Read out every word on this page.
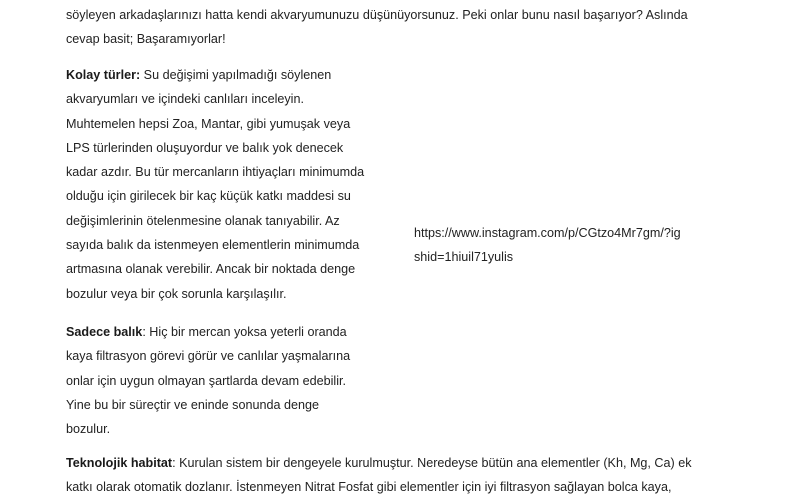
söyleyen arkadaşlarınızı hatta kendi akvaryumunuzu düşünüyorsunuz. Peki onlar bunu nasıl başarıyor? Aslında cevap basit; Başaramıyorlar!

Kolay türler: Su değişimi yapılmadığı söylenen akvaryumları ve içindeki canlıları inceleyin. Muhtemelen hepsi Zoa, Mantar, gibi yumuşak veya LPS türlerinden oluşuyordur ve balık yok denecek kadar azdır. Bu tür mercanların ihtiyaçları minimumda olduğu için girilecek bir kaç küçük katkı maddesi su değişimlerinin ötelenmesine olanak tanıyabilir. Az sayıda balık da istenmeyen elementlerin minimumda artmasına olanak verebilir. Ancak bir noktada denge bozulur veya bir çok sorunla karşılaşılır.

https://www.instagram.com/p/CGtzo4Mr7gm/?igshid=1hiuil71yulis

Sadece balık: Hiç bir mercan yoksa yeterli oranda kaya filtrasyon görevi görür ve canlılar yaşmalarına onlar için uygun olmayan şartlarda devam edebilir. Yine bu bir süreçtir ve eninde sonunda denge bozulur.

Teknolojik habitat: Kurulan sistem bir dengeyele kurulmuştur. Neredeyse bütün ana elementler (Kh, Mg, Ca) ek katkı olarak otomatik dozlanır. İstenmeyen Nitrat Fosfat gibi elementler için iyi filtrasyon sağlayan bolca kaya,
